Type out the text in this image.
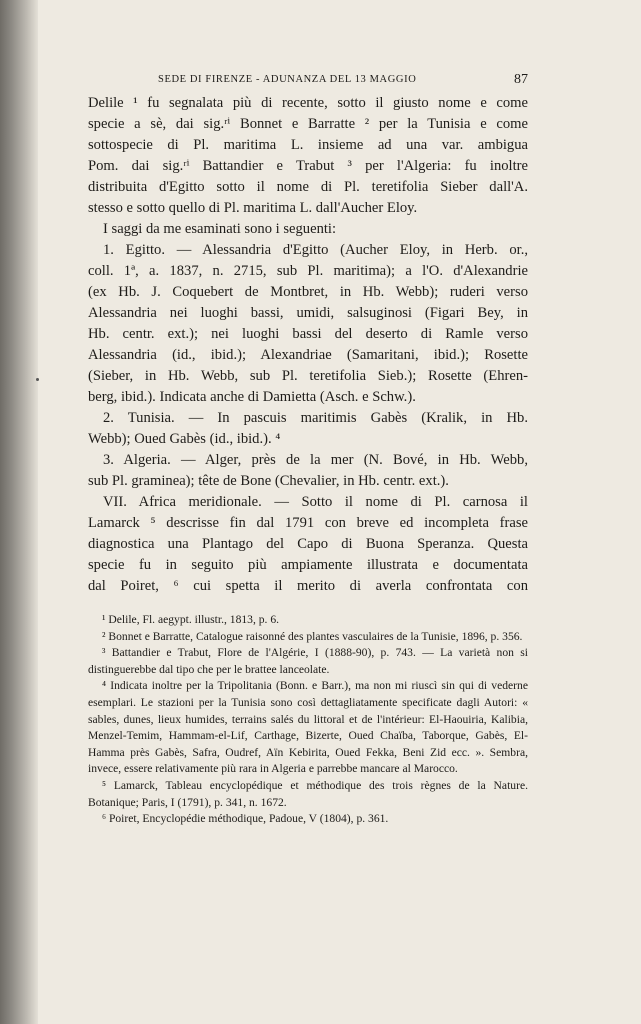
SEDE DI FIRENZE - ADUNANZA DEL 13 MAGGIO	87

Delile ¹ fu segnalata più di recente, sotto il giusto nome e come
specie a sè, dai sig.ʳⁱ Bonnet e Barratte ² per la Tunisia e come
sottospecie di Pl. maritima L. insieme ad una var. ambigua
Pom. dai sig.ʳⁱ Battandier e Trabut ³ per l'Algeria: fu inoltre
distribuita d'Egitto sotto il nome di Pl. teretifolia Sieber dall'A.
stesso e sotto quello di Pl. maritima L. dall'Aucher Eloy.

I saggi da me esaminati sono i seguenti:

1. Egitto. — Alessandria d'Egitto (Aucher Eloy, in Herb. or.,
coll. 1ª, a. 1837, n. 2715, sub Pl. maritima); a l'O. d'Alexandrie
(ex Hb. J. Coquebert de Montbret, in Hb. Webb); ruderi verso
Alessandria nei luoghi bassi, umidi, salsuginosi (Figari Bey, in
Hb. centr. ext.); nei luoghi bassi del deserto di Ramle verso
Alessandria (id., ibid.); Alexandriae (Samaritani, ibid.); Rosette
(Sieber, in Hb. Webb, sub Pl. teretifolia Sieb.); Rosette (Ehren-
berg, ibid.). Indicata anche di Damietta (Asch. e Schw.).

2. Tunisia. — In pascuis maritimis Gabès (Kralik, in Hb.
Webb); Oued Gabès (id., ibid.). ⁴

3. Algeria. — Alger, près de la mer (N. Bové, in Hb. Webb,
sub Pl. graminea); tête de Bone (Chevalier, in Hb. centr. ext.).

VII. Africa meridionale. — Sotto il nome di Pl. carnosa il
Lamarck ⁵ descrisse fin dal 1791 con breve ed incompleta frase
diagnostica una Plantago del Capo di Buona Speranza. Questa
specie fu in seguito più ampiamente illustrata e documentata
dal Poiret, ⁶ cui spetta il merito di averla confrontata con

¹ Delile, Fl. aegypt. illustr., 1813, p. 6.

² Bonnet e Barratte, Catalogue raisonné des plantes vasculaires de la Tunisie, 1896, p. 356.

³ Battandier e Trabut, Flore de l'Algérie, I (1888-90), p. 743. — La varietà non si distinguerebbe dal tipo che per le brattee lanceolate.

⁴ Indicata inoltre per la Tripolitania (Bonn. e Barr.), ma non mi riuscì sin qui di vederne esemplari. Le stazioni per la Tunisia sono così dettagliatamente specificate dagli Autori: « sables, dunes, lieux humides, terrains salés du littoral et de l'intérieur: El-Haouiria, Kalibia, Menzel-Temim, Hammam-el-Lif, Carthage, Bizerte, Oued Chaïba, Taborque, Gabès, El-Hamma près Gabès, Safra, Oudref, Aïn Kebirita, Oued Fekka, Beni Zid ecc. ». Sembra, invece, essere relativamente più rara in Algeria e parrebbe mancare al Marocco.

⁵ Lamarck, Tableau encyclopédique et méthodique des trois règnes de la Nature. Botanique; Paris, I (1791), p. 341, n. 1672.

⁶ Poiret, Encyclopédie méthodique, Padoue, V (1804), p. 361.
